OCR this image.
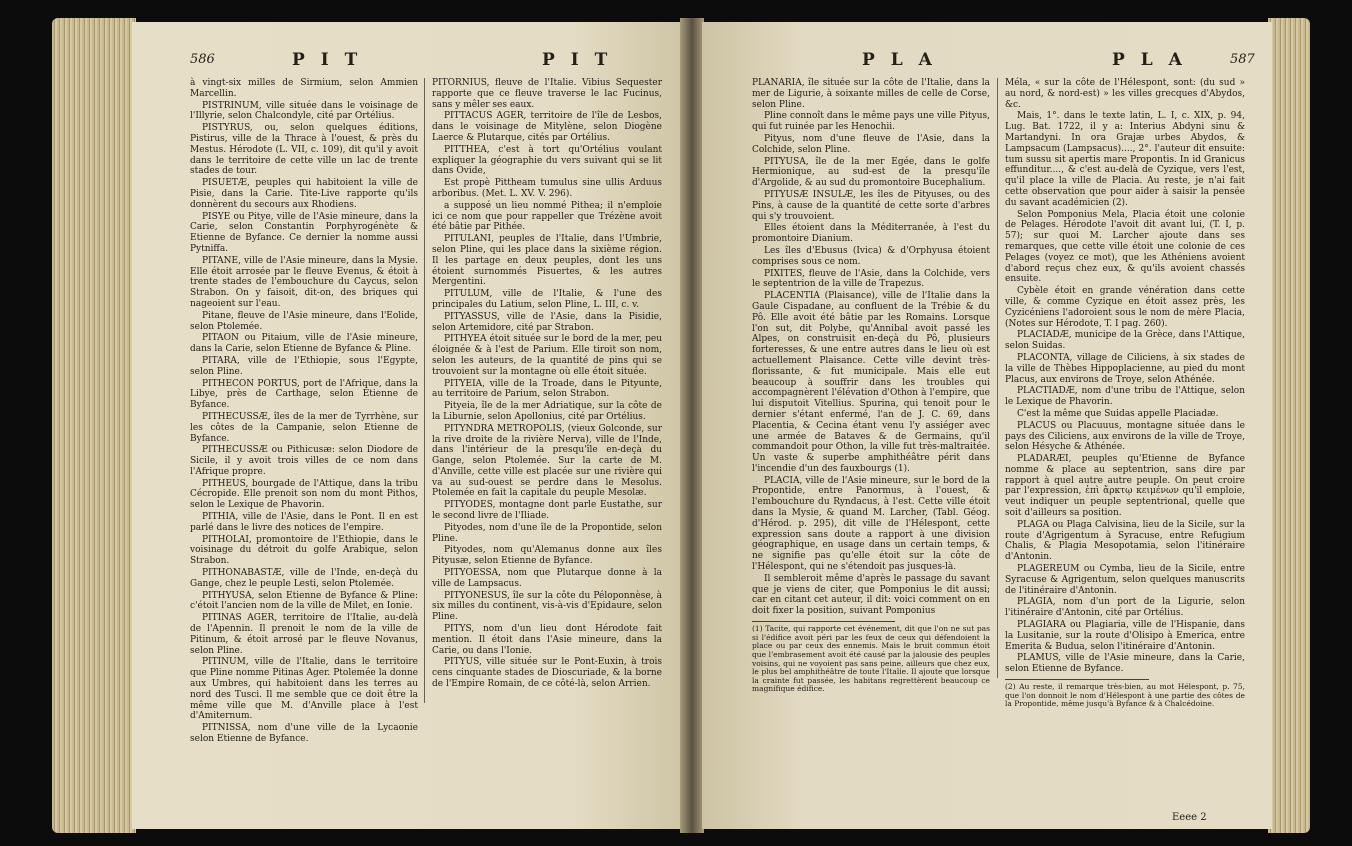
586	P I T	P I T

à vingt-six milles de Sirmium, selon Ammien Marcellin.

PISTRINUM, ville située dans le voisinage de l'Illyrie, selon Chalcondyle, cité par Ortélius.

PISTYRUS, ou, selon quelques éditions, Pistirus, ville de la Thrace à l'ouest, & près du Mestus. Hérodote (L. VII, c. 109), dit qu'il y avoit dans le territoire de cette ville un lac de trente stades de tour.

PISUETÆ, peuples qui habitoient la ville de Pisie, dans la Carie. Tite-Live rapporte qu'ils donnèrent du secours aux Rhodiens.

PISYE ou Pitye, ville de l'Asie mineure, dans la Carie, selon Constantin Porphyrogénète & Etienne de Byfance. Ce dernier la nomme aussi Pytniffa.

PITANE, ville de l'Asie mineure, dans la Mysie. Elle étoit arrosée par le fleuve Evenus, & étoit à trente stades de l'embouchure du Caycus, selon Strabon. On y faisoit, dit-on, des briques qui nageoient sur l'eau.

Pitane, fleuve de l'Asie mineure, dans l'Eolide, selon Ptolemée.

PITAON ou Pitaium, ville de l'Asie mineure, dans la Carie, selon Etienne de Byfance & Pline.

PITARA, ville de l'Ethiopie, sous l'Egypte, selon Pline.

PITHECON PORTUS, port de l'Afrique, dans la Libye, près de Carthage, selon Etienne de Byfance.

PITHECUSSÆ, îles de la mer de Tyrrhène, sur les côtes de la Campanie, selon Etienne de Byfance.

PITHECUSSÆ ou Pithicusæ: selon Diodore de Sicile, il y avoit trois villes de ce nom dans l'Afrique propre.

PITHEUS, bourgade de l'Attique, dans la tribu Cécropide. Elle prenoit son nom du mont Pithos, selon le Lexique de Phavorin.

PITHIA, ville de l'Asie, dans le Pont. Il en est parlé dans le livre des notices de l'empire.

PITHOLAI, promontoire de l'Ethiopie, dans le voisinage du détroit du golfe Arabique, selon Strabon.

PITHONABASTÆ, ville de l'Inde, en-deçà du Gange, chez le peuple Lesti, selon Ptolemée.

PITHYUSA, selon Etienne de Byfance & Pline: c'étoit l'ancien nom de la ville de Milet, en Ionie.

PITINAS AGER, territoire de l'Italie, au-delà de l'Apennin. Il prenoit le nom de la ville de Pitinum, & étoit arrosé par le fleuve Novanus, selon Pline.

PITINUM, ville de l'Italie, dans le territoire que Pline nomme Pitinas Ager. Ptolemée la donne aux Umbres, qui habitoient dans les terres au nord des Tusci. Il me semble que ce doit être la même ville que M. d'Anville place à l'est d'Amiternum.

PITNISSA, nom d'une ville de la Lycaonie selon Etienne de Byfance.

PITORNIUS, fleuve de l'Italie. Vibius Sequester rapporte que ce fleuve traverse le lac Fucinus, sans y mêler ses eaux.

PITTACUS AGER, territoire de l'île de Lesbos, dans le voisinage de Mitylène, selon Diogène Laerce & Plutarque, cités par Ortélius.

PITTHEA, c'est à tort qu'Ortélius voulant expliquer la géographie du vers suivant qui se lit dans Ovide,

Est propè Pittheam tumulus sine ullis Arduus arboribus. (Met. L. XV. V. 296).

a supposé un lieu nommé Pithea; il n'emploie ici ce nom que pour rappeller que Trézène avoit été bâtie par Pithée.

PITULANI, peuples de l'Italie, dans l'Umbrie, selon Pline, qui les place dans la sixième région. Il les partage en deux peuples, dont les uns étoient surnommés Pisuertes, & les autres Mergentini.

PITULUM, ville de l'Italie, & l'une des principales du Latium, selon Pline, L. III, c. v.

PITYASSUS, ville de l'Asie, dans la Pisidie, selon Artemidore, cité par Strabon.

PITHYEA étoit située sur le bord de la mer, peu éloignée & à l'est de Parium. Elle tiroit son nom, selon les auteurs, de la quantité de pins qui se trouvoient sur la montagne où elle étoit située.

PITYEIA, ville de la Troade, dans le Pityunte, au territoire de Parium, selon Strabon.

Pityeia, île de la mer Adriatique, sur la côte de la Liburnie, selon Apollonius, cité par Ortélius.

PITYNDRA METROPOLIS, (vieux Golconde, sur la rive droite de la rivière Nerva), ville de l'Inde, dans l'intérieur de la presqu'île en-deçà du Gange, selon Ptolemée. Sur la carte de M. d'Anville, cette ville est placée sur une rivière qui va au sud-ouest se perdre dans le Mesolus. Ptolemée en fait la capitale du peuple Mesolæ.

PITYODES, montagne dont parle Eustathe, sur le second livre de l'Iliade.

Pityodes, nom d'une île de la Propontide, selon Pline.

Pityodes, nom qu'Alemanus donne aux îles Pityusæ, selon Etienne de Byfance.

PITYOESSA, nom que Plutarque donne à la ville de Lampsacus.

PITYONESUS, île sur la côte du Péloponnèse, à six milles du continent, vis-à-vis d'Epidaure, selon Pline.

PITYS, nom d'un lieu dont Hérodote fait mention. Il étoit dans l'Asie mineure, dans la Carie, ou dans l'Ionie.

PITYUS, ville située sur le Pont-Euxin, à trois cens cinquante stades de Dioscuriade, & la borne de l'Empire Romain, de ce côté-là, selon Arrien.

P L A	P L A	587

PLANARIA, île située sur la côte de l'Italie, dans la mer de Ligurie, à soixante milles de celle de Corse, selon Pline.

Pline connoît dans le même pays une ville Pityus, qui fut ruinée par les Henochii.

Pityus, nom d'une fleuve de l'Asie, dans la Colchide, selon Pline.

PITYUSA, île de la mer Egée, dans le golfe Hermionique, au sud-est de la presqu'île d'Argolide, & au sud du promontoire Bucephalium.

PITYUSÆ INSULÆ, les îles de Pityuses, ou des Pins, à cause de la quantité de cette sorte d'arbres qui s'y trouvoient.

Elles étoient dans la Méditerranée, à l'est du promontoire Dianium.

Les îles d'Ebusus (Ivica) & d'Orphyusa étoient comprises sous ce nom.

PIXITES, fleuve de l'Asie, dans la Colchide, vers le septentrion de la ville de Trapezus.

PLACENTIA (Plaisance), ville de l'Italie dans la Gaule Cispadane, au confluent de la Trébie & du Pô. Elle avoit été bâtie par les Romains. Lorsque l'on sut, dit Polybe, qu'Annibal avoit passé les Alpes, on construisit en-deçà du Pô, plusieurs forteresses, & une entre autres dans le lieu où est actuellement Plaisance. Cette ville devint très-florissante, & fut municipale. Mais elle eut beaucoup à souffrir dans les troubles qui accompagnèrent l'élévation d'Othon à l'empire, que lui disputoit Vitellius. Spurina, qui tenoit pour le dernier s'étant enfermé, l'an de J. C. 69, dans Placentia, & Cecina étant venu l'y assiéger avec une armée de Bataves & de Germains, qu'il commandoit pour Othon, la ville fut très-maltraitée. Un vaste & superbe amphithéâtre périt dans l'incendie d'un des fauxbourgs (1).

PLACIA, ville de l'Asie mineure, sur le bord de la Propontide, entre Panormus, à l'ouest, & l'embouchure du Ryndacus, à l'est. Cette ville étoit dans la Mysie, & quand M. Larcher, (Tabl. Géog. d'Hérod. p. 295), dit ville de l'Hélespont, cette expression sans doute a rapport à une division géographique, en usage dans un certain temps, & ne signifie pas qu'elle étoit sur la côte de l'Hélespont, qui ne s'étendoit pas jusques-là.

Il sembleroit même d'après le passage du savant que je viens de citer, que Pomponius le dit aussi; car en citant cet auteur, il dit: voici comment on en doit fixer la position, suivant Pomponius

(1) Tacite, qui rapporte cet événement, dit que l'on ne sut pas si l'édifice avoit péri par les feux de ceux qui défendoient la place ou par ceux des ennemis. Mais le bruit commun étoit que l'embrasement avoit été causé par la jalousie des peuples voisins, qui ne voyoient pas sans peine, ailleurs que chez eux, le plus bel amphithéâtre de toute l'Italie. Il ajoute que lorsque la crainte fut passée, les habitans regrettèrent beaucoup ce magnifique édifice.

Méla, « sur la côte de l'Hélespont, sont: (du sud » au nord, & nord-est) » les villes grecques d'Abydos, &c.

Mais, 1°. dans le texte latin, L. I, c. XIX, p. 94, Lug. Bat. 1722, il y a: Interius Abdyni sinu & Martandyni. In ora Grajæ urbes Abydos, & Lampsacum (Lampsacus)...., 2°. l'auteur dit ensuite: tum sussu sit apertis mare Propontis. In id Granicus effunditur...., & c'est au-delà de Cyzique, vers l'est, qu'il place la ville de Placia. Au reste, je n'ai fait cette observation que pour aider à saisir la pensée du savant académicien (2).

Selon Pomponius Mela, Placia étoit une colonie de Pelages. Hérodote l'avoit dit avant lui, (T. I, p. 57); sur quoi M. Larcher ajoute dans ses remarques, que cette ville étoit une colonie de ces Pelages (voyez ce mot), que les Athéniens avoient d'abord reçus chez eux, & qu'ils avoient chassés ensuite.

Cybèle étoit en grande vénération dans cette ville, & comme Cyzique en étoit assez près, les Cyzicéniens l'adoroient sous le nom de mère Placia, (Notes sur Hérodote, T. I pag. 260).

PLACIADÆ, municipe de la Grèce, dans l'Attique, selon Suidas.

PLACONTA, village de Ciliciens, à six stades de la ville de Thèbes Hippoplacienne, au pied du mont Placus, aux environs de Troye, selon Athénée.

PLACTIADÆ, nom d'une tribu de l'Attique, selon le Lexique de Phavorin.

C'est la même que Suidas appelle Placiadæ.

PLACUS ou Placuuus, montagne située dans le pays des Ciliciens, aux environs de la ville de Troye, selon Hésyche & Athénée.

PLADARÆI, peuples qu'Etienne de Byfance nomme & place au septentrion, sans dire par rapport à quel autre autre peuple. On peut croire par l'expression, ἐπὶ ἄρκτῳ κειμένων qu'il emploie, veut indiquer un peuple septentrional, quelle que soit d'ailleurs sa position.

PLAGA ou Plaga Calvisina, lieu de la Sicile, sur la route d'Agrigentum à Syracuse, entre Refugium Chalis, & Plagia Mesopotamia, selon l'itinéraire d'Antonin.

PLAGEREUM ou Cymba, lieu de la Sicile, entre Syracuse & Agrigentum, selon quelques manuscrits de l'itinéraire d'Antonin.

PLAGIA, nom d'un port de la Ligurie, selon l'itinéraire d'Antonin, cité par Ortélius.

PLAGIARA ou Plagiaria, ville de l'Hispanie, dans la Lusitanie, sur la route d'Olisipo à Emerica, entre Emerita & Budua, selon l'itinéraire d'Antonin.

PLAMUS, ville de l'Asie mineure, dans la Carie, selon Etienne de Byfance.

(2) Au reste, il remarque très-bien, au mot Hélespont, p. 75, que l'on donnoit le nom d'Hélespont à une partie des côtes de la Propontide, même jusqu'à Byfance & à Chalcédoine.

Eeee 2
